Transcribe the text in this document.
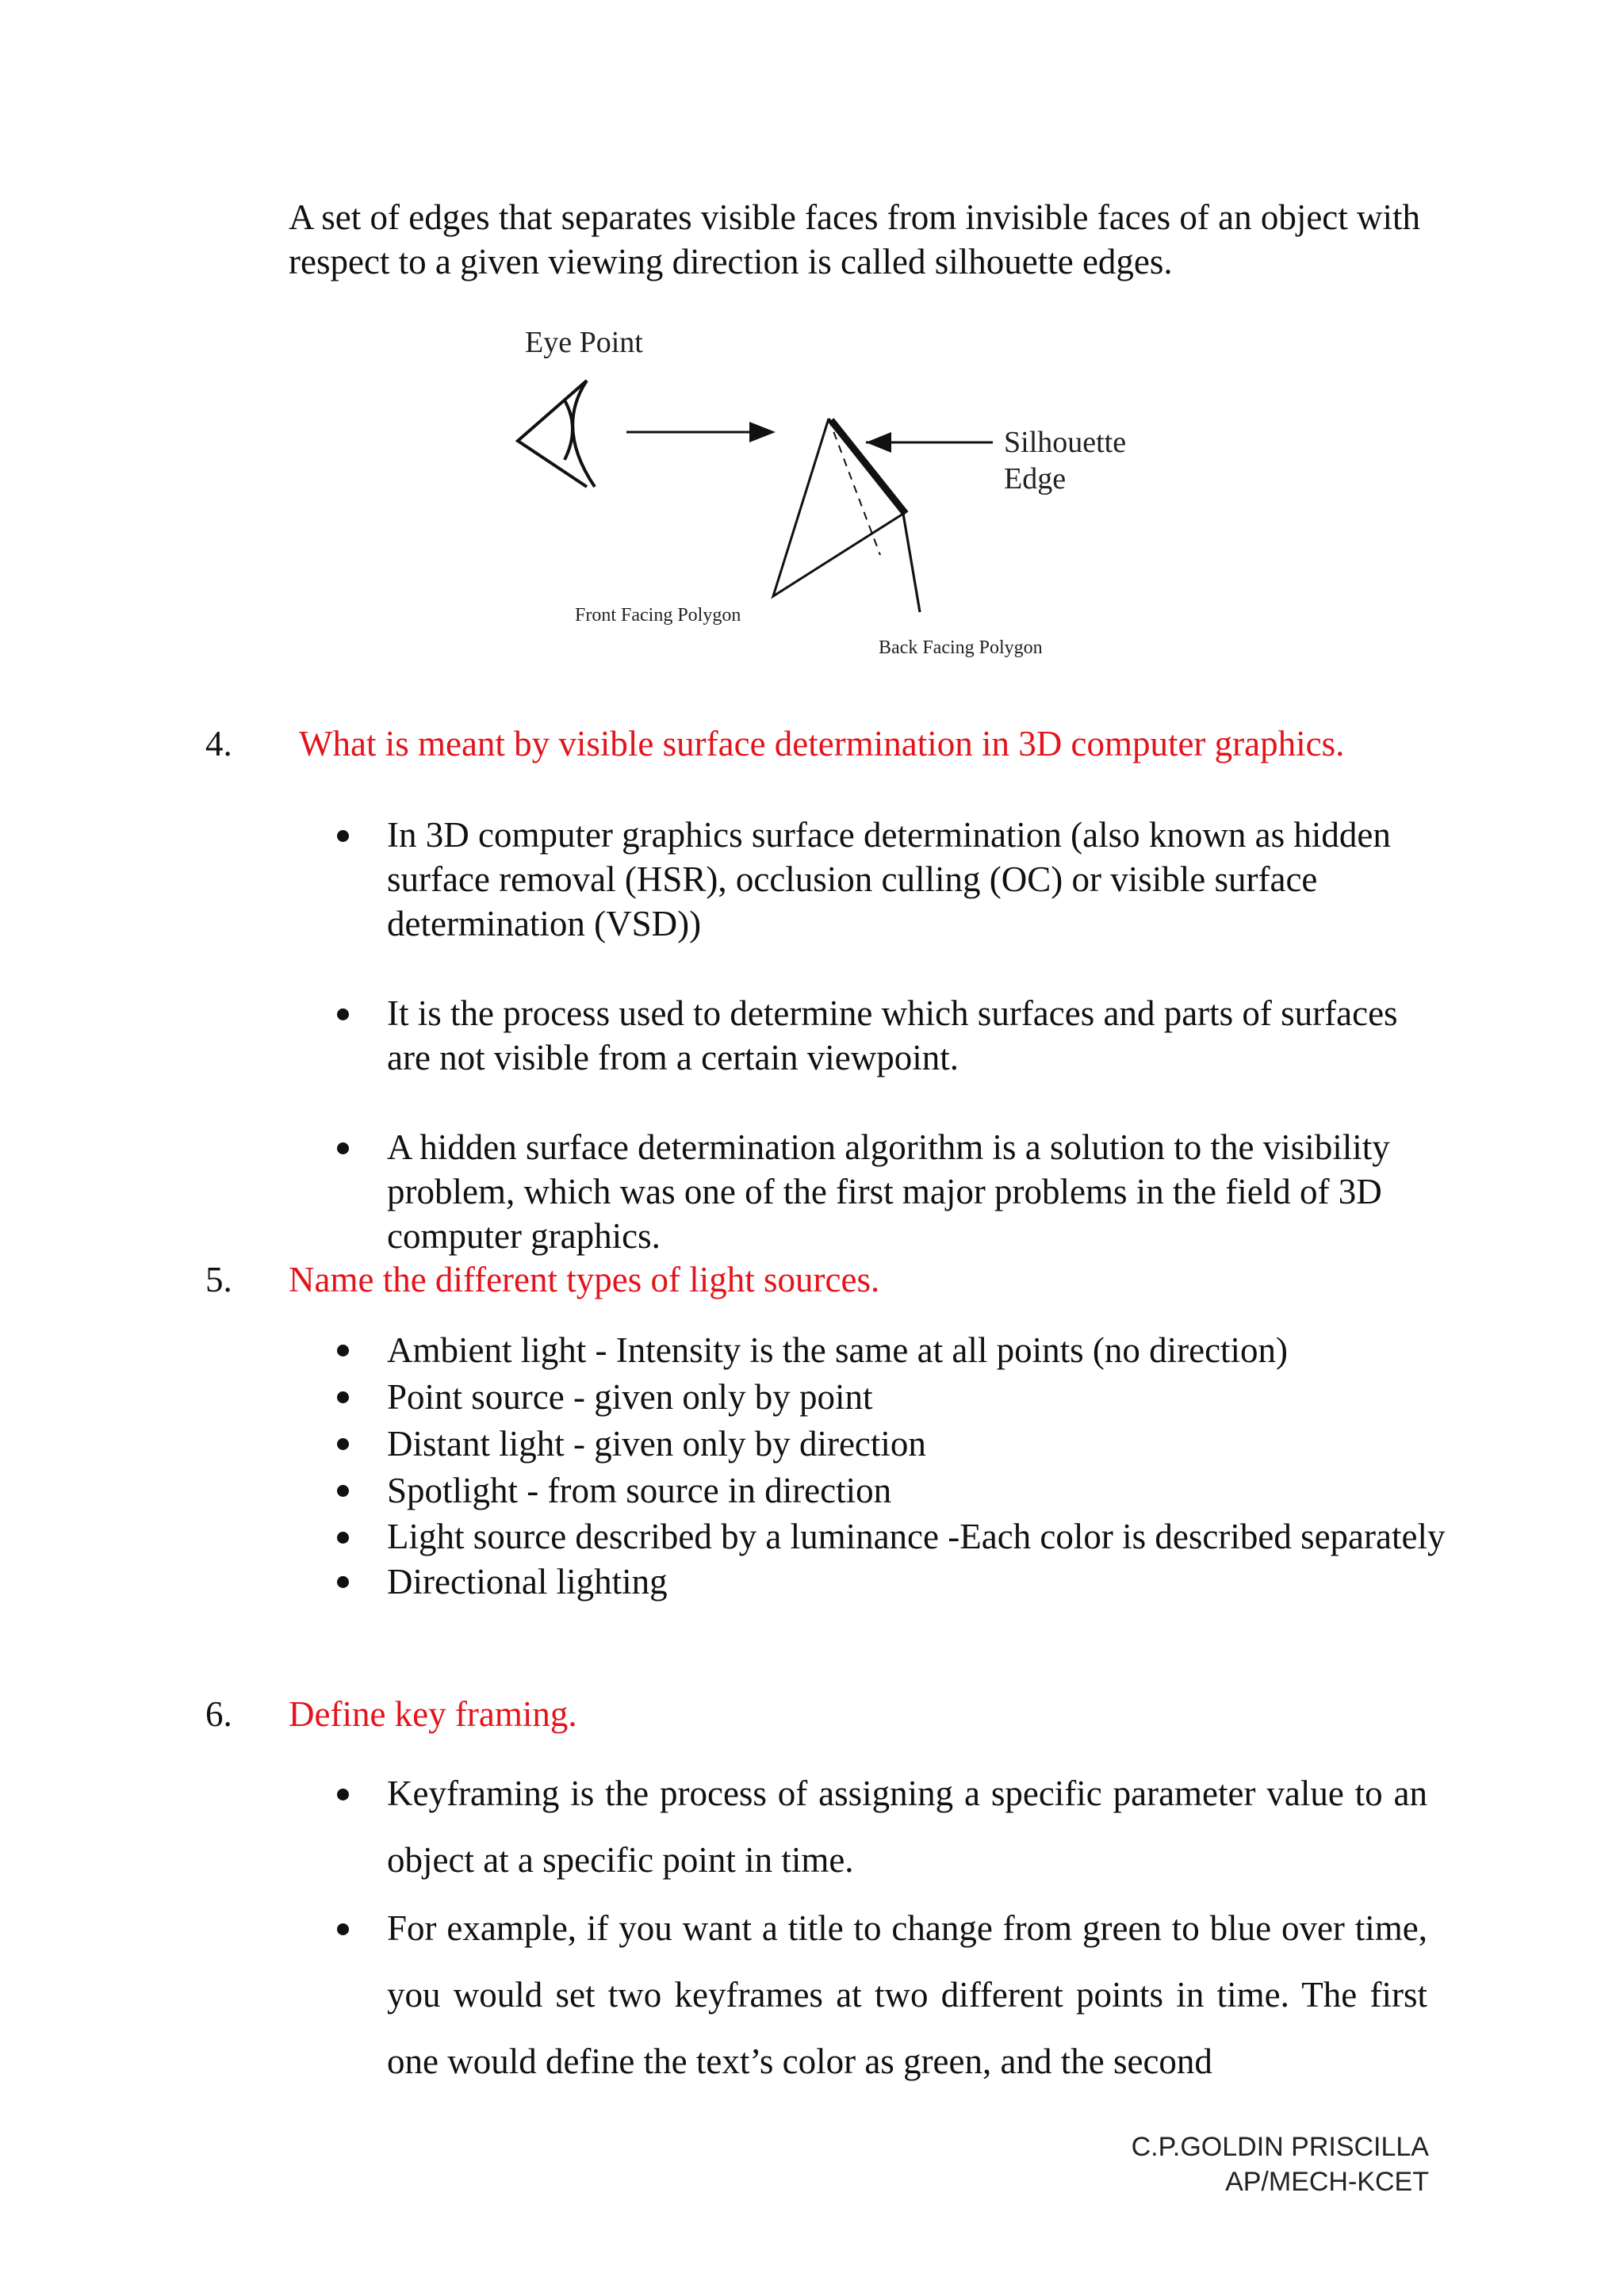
A set of edges that separates visible faces from invisible faces of an object with respect to a given viewing direction is called silhouette edges.
Eye Point
Silhouette
Edge
Front Facing Polygon
Back Facing Polygon
4. What is meant by visible surface determination in 3D computer graphics.
In 3D computer graphics surface determination (also known as hidden surface removal (HSR), occlusion culling (OC) or visible surface determination (VSD))
It is the process used to determine which surfaces and parts of surfaces are not visible from a certain viewpoint.
A hidden surface determination algorithm is a solution to the visibility problem, which was one of the first major problems in the field of 3D computer graphics.
5. Name the different types of light sources.
Ambient light - Intensity is the same at all points (no direction)
Point source - given only by point
Distant light - given only by direction
Spotlight - from source in direction
Light source described by a luminance -Each color is described separately
Directional lighting
6. Define key framing.
Keyframing is the process of assigning a specific parameter value to an object at a specific point in time.
For example, if you want a title to change from green to blue over time, you would set two keyframes at two different points in time. The first one would define the text’s color as green, and the second
C.P.GOLDIN PRISCILLA
AP/MECH-KCET
